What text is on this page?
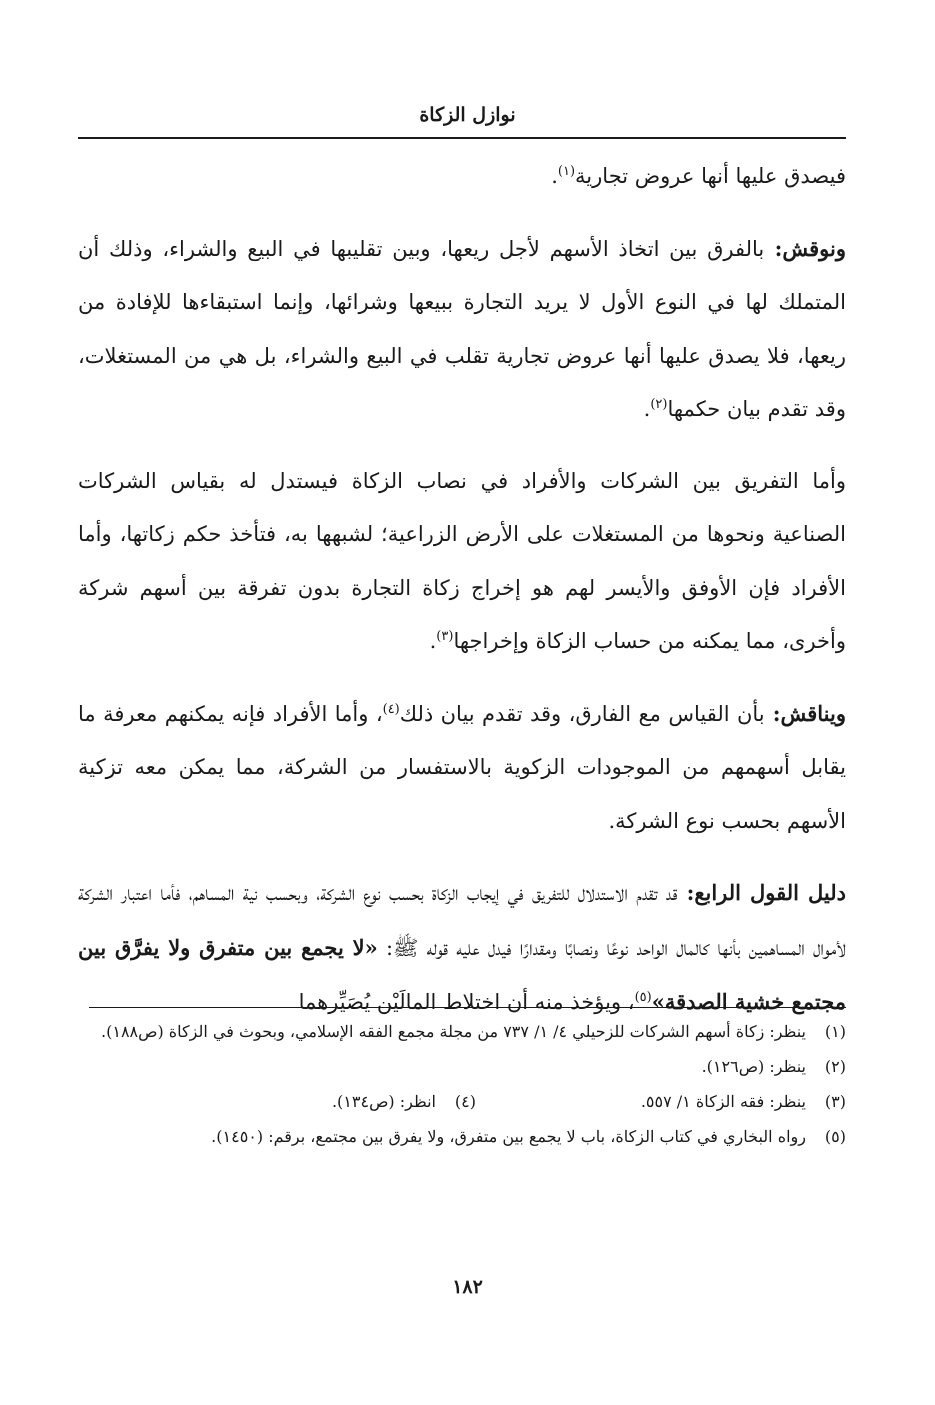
نوازل الزكاة

فيصدق عليها أنها عروض تجارية$^{(١)}$.

ونوقش: بالفرق بين اتخاذ الأسهم لأجل ريعها، وبين تقليبها في البيع والشراء، وذلك أن المتملك لها في النوع الأول لا يريد التجارة ببيعها وشرائها، وإنما استبقاءها للإفادة من ريعها، فلا يصدق عليها أنها عروض تجارية تقلب في البيع والشراء، بل هي من المستغلات، وقد تقدم بيان حكمها$^{(٢)}$.

وأما التفريق بين الشركات والأفراد في نصاب الزكاة فيستدل له بقياس الشركات الصناعية ونحوها من المستغلات على الأرض الزراعية؛ لشبهها به، فتأخذ حكم زكاتها، وأما الأفراد فإن الأوفق والأيسر لهم هو إخراج زكاة التجارة بدون تفرقة بين أسهم شركة وأخرى، مما يمكنه من حساب الزكاة وإخراجها$^{(٣)}$.

ويناقش: بأن القياس مع الفارق، وقد تقدم بيان ذلك$^{(٤)}$، وأما الأفراد فإنه يمكنهم معرفة ما يقابل أسهمهم من الموجودات الزكوية بالاستفسار من الشركة، مما يمكن معه تزكية الأسهم بحسب نوع الشركة.

دليل القول الرابع: قد تقدم الاستدلال للتفريق في إيجاب الزكاة بحسب نوع الشركة، وبحسب نية المساهم، فأما اعتبار الشركة لأموال المساهمين بأنها كالمال الواحد نوعًا ونصابًا ومقدارًا فيدل عليه قوله ﷺ: «لا يجمع بين متفرق ولا يفرَّق بين مجتمع خشية الصدقة»$^{(٥)}$، ويؤخذ منه أن اختلاط المالَيْن يُصَيِّرهما

(١)
ينظر: زكاة أسهم الشركات للزحيلي ٤/ ١/ ٧٣٧ من مجلة مجمع الفقه الإسلامي، وبحوث في الزكاة (ص١٨٨).

(٢)
ينظر: (ص١٢٦).

(٣)
ينظر: فقه الزكاة ١/ ٥٥٧.

(٤)
انظر: (ص١٣٤).

(٥)
رواه البخاري في كتاب الزكاة، باب لا يجمع بين متفرق، ولا يفرق بين مجتمع، برقم: (١٤٥٠).

١٨٢
